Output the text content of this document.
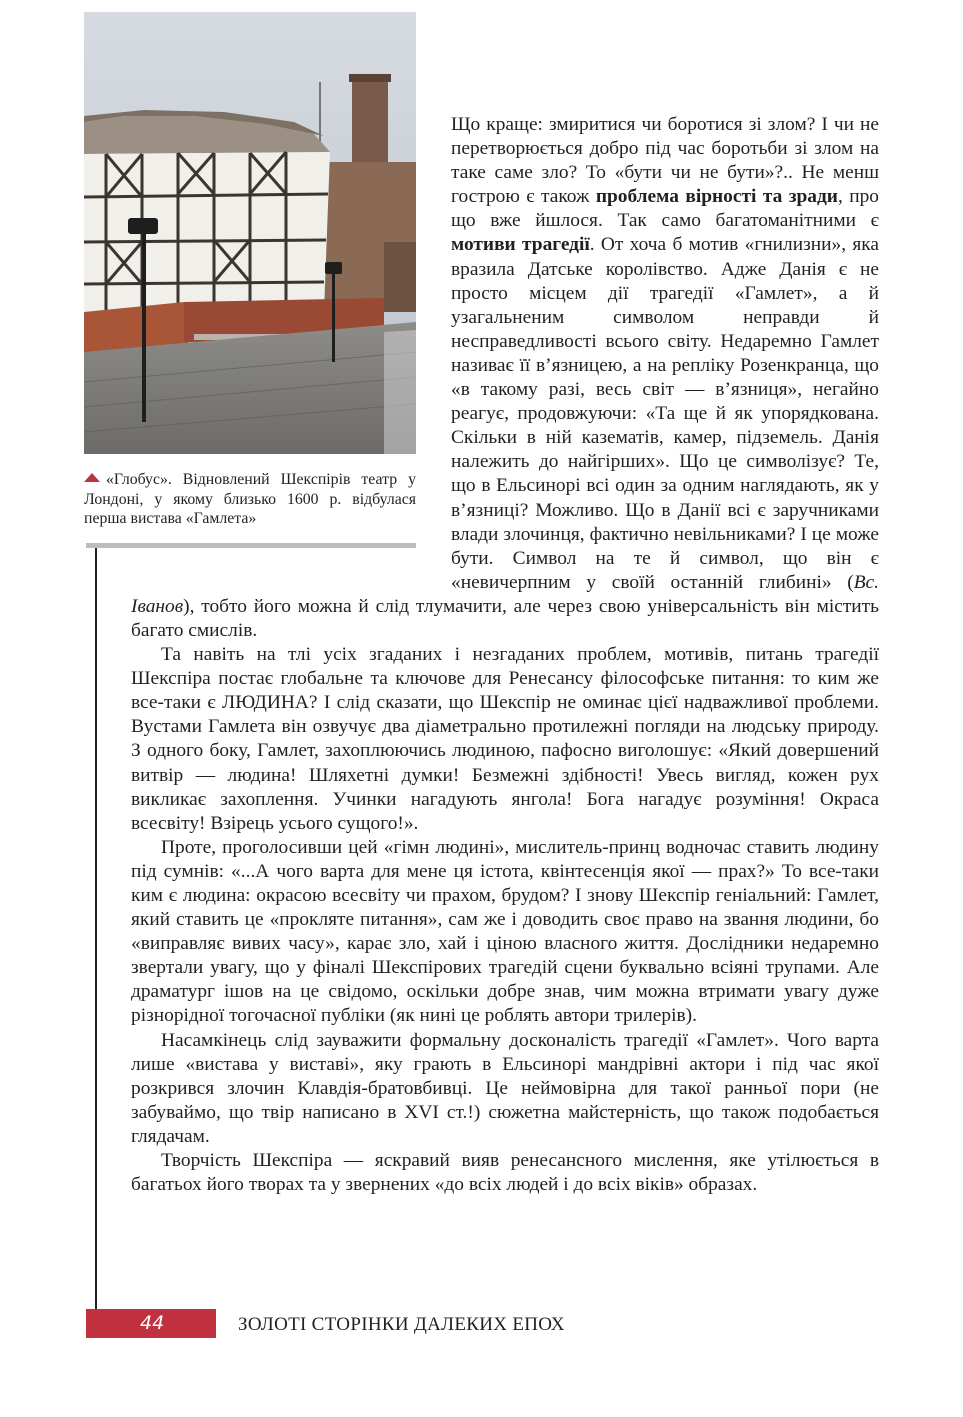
«Глобус». Відновлений Шекспірів театр у Лондоні, у якому близько 1600 р. відбулася перша вистава «Гамлета»

Що краще: змиритися чи боротися зі злом? І чи не перетворюється добро під час боротьби зі злом на таке саме зло? То «бути чи не бути»?.. Не менш гострою є також проблема вірності та зради, про що вже йшлося. Так само багатоманітними є мотиви трагедії. От хоча б мотив «гнилизни», яка вразила Датське королівство. Адже Данія є не просто місцем дії трагедії «Гамлет», а й узагальненим символом неправди й несправедливості всього світу. Недаремно Гамлет називає її в’язницею, а на репліку Розенкранца, що «в такому разі, весь світ — в’язниця», негайно реагує, продовжуючи: «Та ще й як упорядкована. Скільки в ній казематів, камер, підземель. Данія належить до найгірших». Що це символізує? Те, що в Ельсинорі всі один за одним наглядають, як у в’язниці? Можливо. Що в Данії всі є заручниками влади злочинця, фактично невільниками? І це може бути. Символ на те й символ, що він є «невичерпним у своїй останній глибині» (Вс. Іванов), тобто його можна й слід тлумачити, але через свою універсальність він містить багато смислів.

Та навіть на тлі усіх згаданих і незгаданих проблем, мотивів, питань трагедії Шекспіра постає глобальне та ключове для Ренесансу філософське питання: то ким же все-таки є ЛЮДИНА? І слід сказати, що Шекспір не оминає цієї надважливої проблеми. Вустами Гамлета він озвучує два діаметрально протилежні погляди на людську природу. З одного боку, Гамлет, захоплюючись людиною, пафосно виголошує: «Який довершений витвір — людина! Шляхетні думки! Безмежні здібності! Увесь вигляд, кожен рух викликає захоплення. Учинки нагадують янгола! Бога нагадує розуміння! Окраса всесвіту! Взірець усього сущого!».

Проте, проголосивши цей «гімн людині», мислитель-принц водночас ставить людину під сумнів: «...А чого варта для мене ця істота, квінтесенція якої — прах?» То все-таки ким є людина: окрасою всесвіту чи прахом, брудом? І знову Шекспір геніальний: Гамлет, який ставить це «прокляте питання», сам же і доводить своє право на звання людини, бо «виправляє вивих часу», карає зло, хай і ціною власного життя. Дослідники недаремно звертали увагу, що у фіналі Шекспірових трагедій сцени буквально всіяні трупами. Але драматург ішов на це свідомо, оскільки добре знав, чим можна втримати увагу дуже різнорідної тогочасної публіки (як нині це роблять автори трилерів).

Насамкінець слід зауважити формальну досконалість трагедії «Гамлет». Чого варта лише «вистава у виставі», яку грають в Ельсинорі мандрівні актори і під час якої розкрився злочин Клавдія-братовбивці. Це неймовірна для такої ранньої пори (не забуваймо, що твір написано в XVI ст.!) сюжетна майстерність, що також подобається глядачам.

Творчість Шекспіра — яскравий вияв ренесансного мислення, яке утілюється в багатьох його творах та у звернених «до всіх людей і до всіх віків» образах.

44	ЗОЛОТІ СТОРІНКИ ДАЛЕКИХ ЕПОХ
